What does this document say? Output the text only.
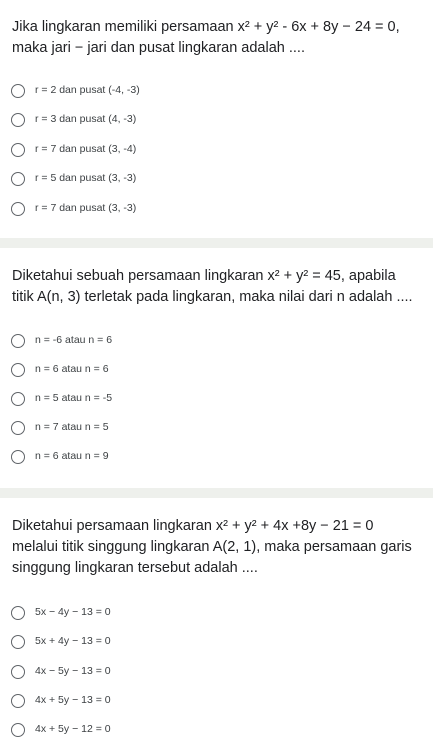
Jika lingkaran memiliki persamaan x² + y² - 6x + 8y − 24 = 0,
maka jari − jari dan pusat lingkaran adalah ....
r = 2 dan pusat (-4, -3)
r = 3 dan pusat (4, -3)
r = 7 dan pusat (3, -4)
r = 5 dan pusat (3, -3)
r = 7 dan pusat (3, -3)
Diketahui sebuah persamaan lingkaran x² + y² = 45, apabila
titik A(n, 3) terletak pada lingkaran, maka nilai dari n adalah ....
n = -6 atau n = 6
n = 6 atau n = 6
n = 5 atau n = -5
n = 7 atau n = 5
n = 6 atau n = 9
Diketahui persamaan lingkaran x² + y² + 4x +8y − 21 = 0
melalui titik singgung lingkaran A(2, 1), maka persamaan garis
singgung lingkaran tersebut adalah ....
5x − 4y − 13 = 0
5x + 4y − 13 = 0
4x − 5y − 13 = 0
4x + 5y − 13 = 0
4x + 5y − 12 = 0
